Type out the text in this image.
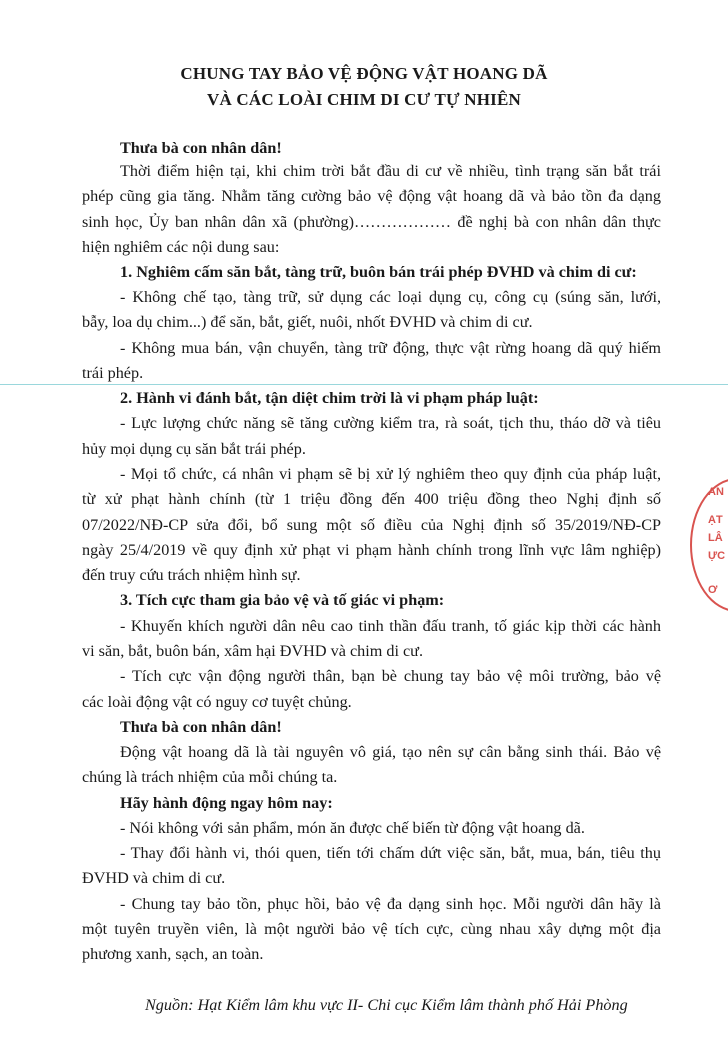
CHUNG TAY BẢO VỆ ĐỘNG VẬT HOANG DÃ
VÀ CÁC LOÀI CHIM DI CƯ TỰ NHIÊN

Thưa bà con nhân dân!

Thời điểm hiện tại, khi chim trời bắt đầu di cư về nhiều, tình trạng săn bắt trái

phép cũng gia tăng. Nhằm tăng cường bảo vệ động vật hoang dã và bảo tồn đa dạng

sinh học, Ủy ban nhân dân xã (phường)……………… đề nghị bà con nhân dân thực

hiện nghiêm các nội dung sau:

1. Nghiêm cấm săn bắt, tàng trữ, buôn bán trái phép ĐVHD và chim di cư:

- Không chế tạo, tàng trữ, sử dụng các loại dụng cụ, công cụ (súng săn, lưới,

bẫy, loa dụ chim...) để săn, bắt, giết, nuôi, nhốt ĐVHD và chim di cư.

- Không mua bán, vận chuyển, tàng trữ động, thực vật rừng hoang dã quý hiếm

trái phép.

2. Hành vi đánh bắt, tận diệt chim trời là vi phạm pháp luật:

- Lực lượng chức năng sẽ tăng cường kiểm tra, rà soát, tịch thu, tháo dỡ và tiêu

hủy mọi dụng cụ săn bắt trái phép.

- Mọi tổ chức, cá nhân vi phạm sẽ bị xử lý nghiêm theo quy định của pháp luật,

từ xử phạt hành chính (từ 1 triệu đồng đến 400 triệu đồng theo Nghị định số

07/2022/NĐ-CP sửa đổi, bổ sung một số điều của Nghị định số 35/2019/NĐ-CP

ngày 25/4/2019 về quy định xử phạt vi phạm hành chính trong lĩnh vực lâm nghiệp)

đến truy cứu trách nhiệm hình sự.

3. Tích cực tham gia bảo vệ và tố giác vi phạm:

- Khuyến khích người dân nêu cao tinh thần đấu tranh, tố giác kịp thời các hành

vi săn, bắt, buôn bán, xâm hại ĐVHD và chim di cư.

- Tích cực vận động người thân, bạn bè chung tay bảo vệ môi trường, bảo vệ

các loài động vật có nguy cơ tuyệt chủng.

Thưa bà con nhân dân!

Động vật hoang dã là tài nguyên vô giá, tạo nên sự cân bằng sinh thái. Bảo vệ

chúng là trách nhiệm của mỗi chúng ta.

Hãy hành động ngay hôm nay:

- Nói không với sản phẩm, món ăn được chế biến từ động vật hoang dã.

- Thay đổi hành vi, thói quen, tiến tới chấm dứt việc săn, bắt, mua, bán, tiêu thụ

ĐVHD và chim di cư.

- Chung tay bảo tồn, phục hồi, bảo vệ đa dạng sinh học. Mỗi người dân hãy là

một tuyên truyền viên, là một người bảo vệ tích cực, cùng nhau xây dựng một địa

phương xanh, sạch, an toàn.

Nguồn: Hạt Kiểm lâm khu vực II- Chi cục Kiểm lâm thành phố Hải Phòng

AN
ẠT
LÂ
ỰC
Ơ
